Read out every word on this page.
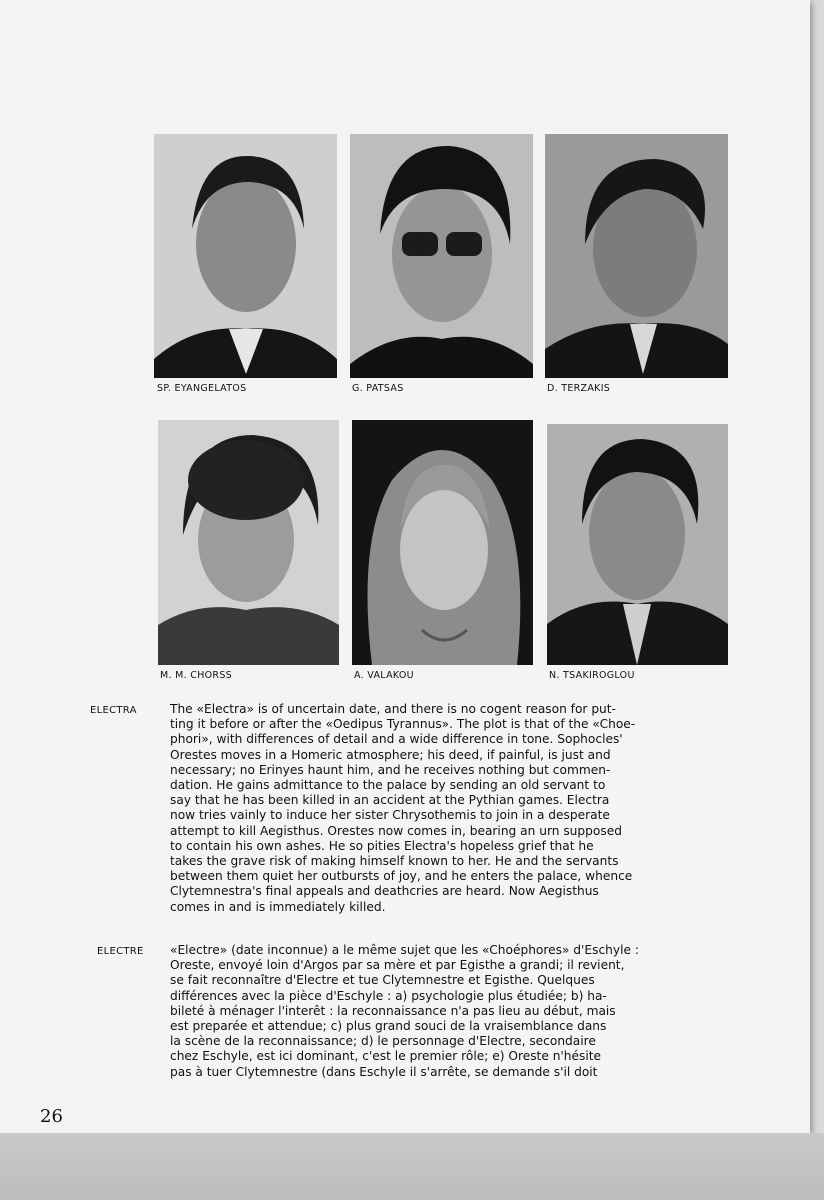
SP. EYANGELATOS	G. PATSAS	D. TERZAKIS
M. M. CHORSS	A. VALAKOU	N. TSAKIROGLOU
ELECTRA	The «Electra» is of uncertain date, and there is no cogent reason for put-
ting it before or after the «Oedipus Tyrannus». The plot is that of the «Choe-
phori», with differences of detail and a wide difference in tone. Sophocles'
Orestes moves in a Homeric atmosphere; his deed, if painful, is just and
necessary; no Erinyes haunt him, and he receives nothing but commen-
dation. He gains admittance to the palace by sending an old servant to
say that he has been killed in an accident at the Pythian games. Electra
now tries vainly to induce her sister Chrysothemis to join in a desperate
attempt to kill Aegisthus. Orestes now comes in, bearing an urn supposed
to contain his own ashes. He so pities Electra's hopeless grief that he
takes the grave risk of making himself known to her. He and the servants
between them quiet her outbursts of joy, and he enters the palace, whence
Clytemnestra's final appeals and deathcries are heard. Now Aegisthus
comes in and is immediately killed.
ELECTRE «Electre» (date inconnue) a le même sujet que les «Choéphores» d'Eschyle :
Oreste, envoyé loin d'Argos par sa mère et par Egisthe a grandi; il revient,
se fait reconnaître d'Electre et tue Clytemnestre et Egisthe. Quelques
différences avec la pièce d'Eschyle : a) psychologie plus étudiée; b) ha-
bileté à ménager l'interêt : la reconnaissance n'a pas lieu au début, mais
est preparée et attendue; c) plus grand souci de la vraisemblance dans
la scène de la reconnaissance; d) le personnage d'Electre, secondaire
chez Eschyle, est ici dominant, c'est le premier rôle; e) Oreste n'hésite
pas à tuer Clytemnestre (dans Eschyle il s'arrête, se demande s'il doit
26
